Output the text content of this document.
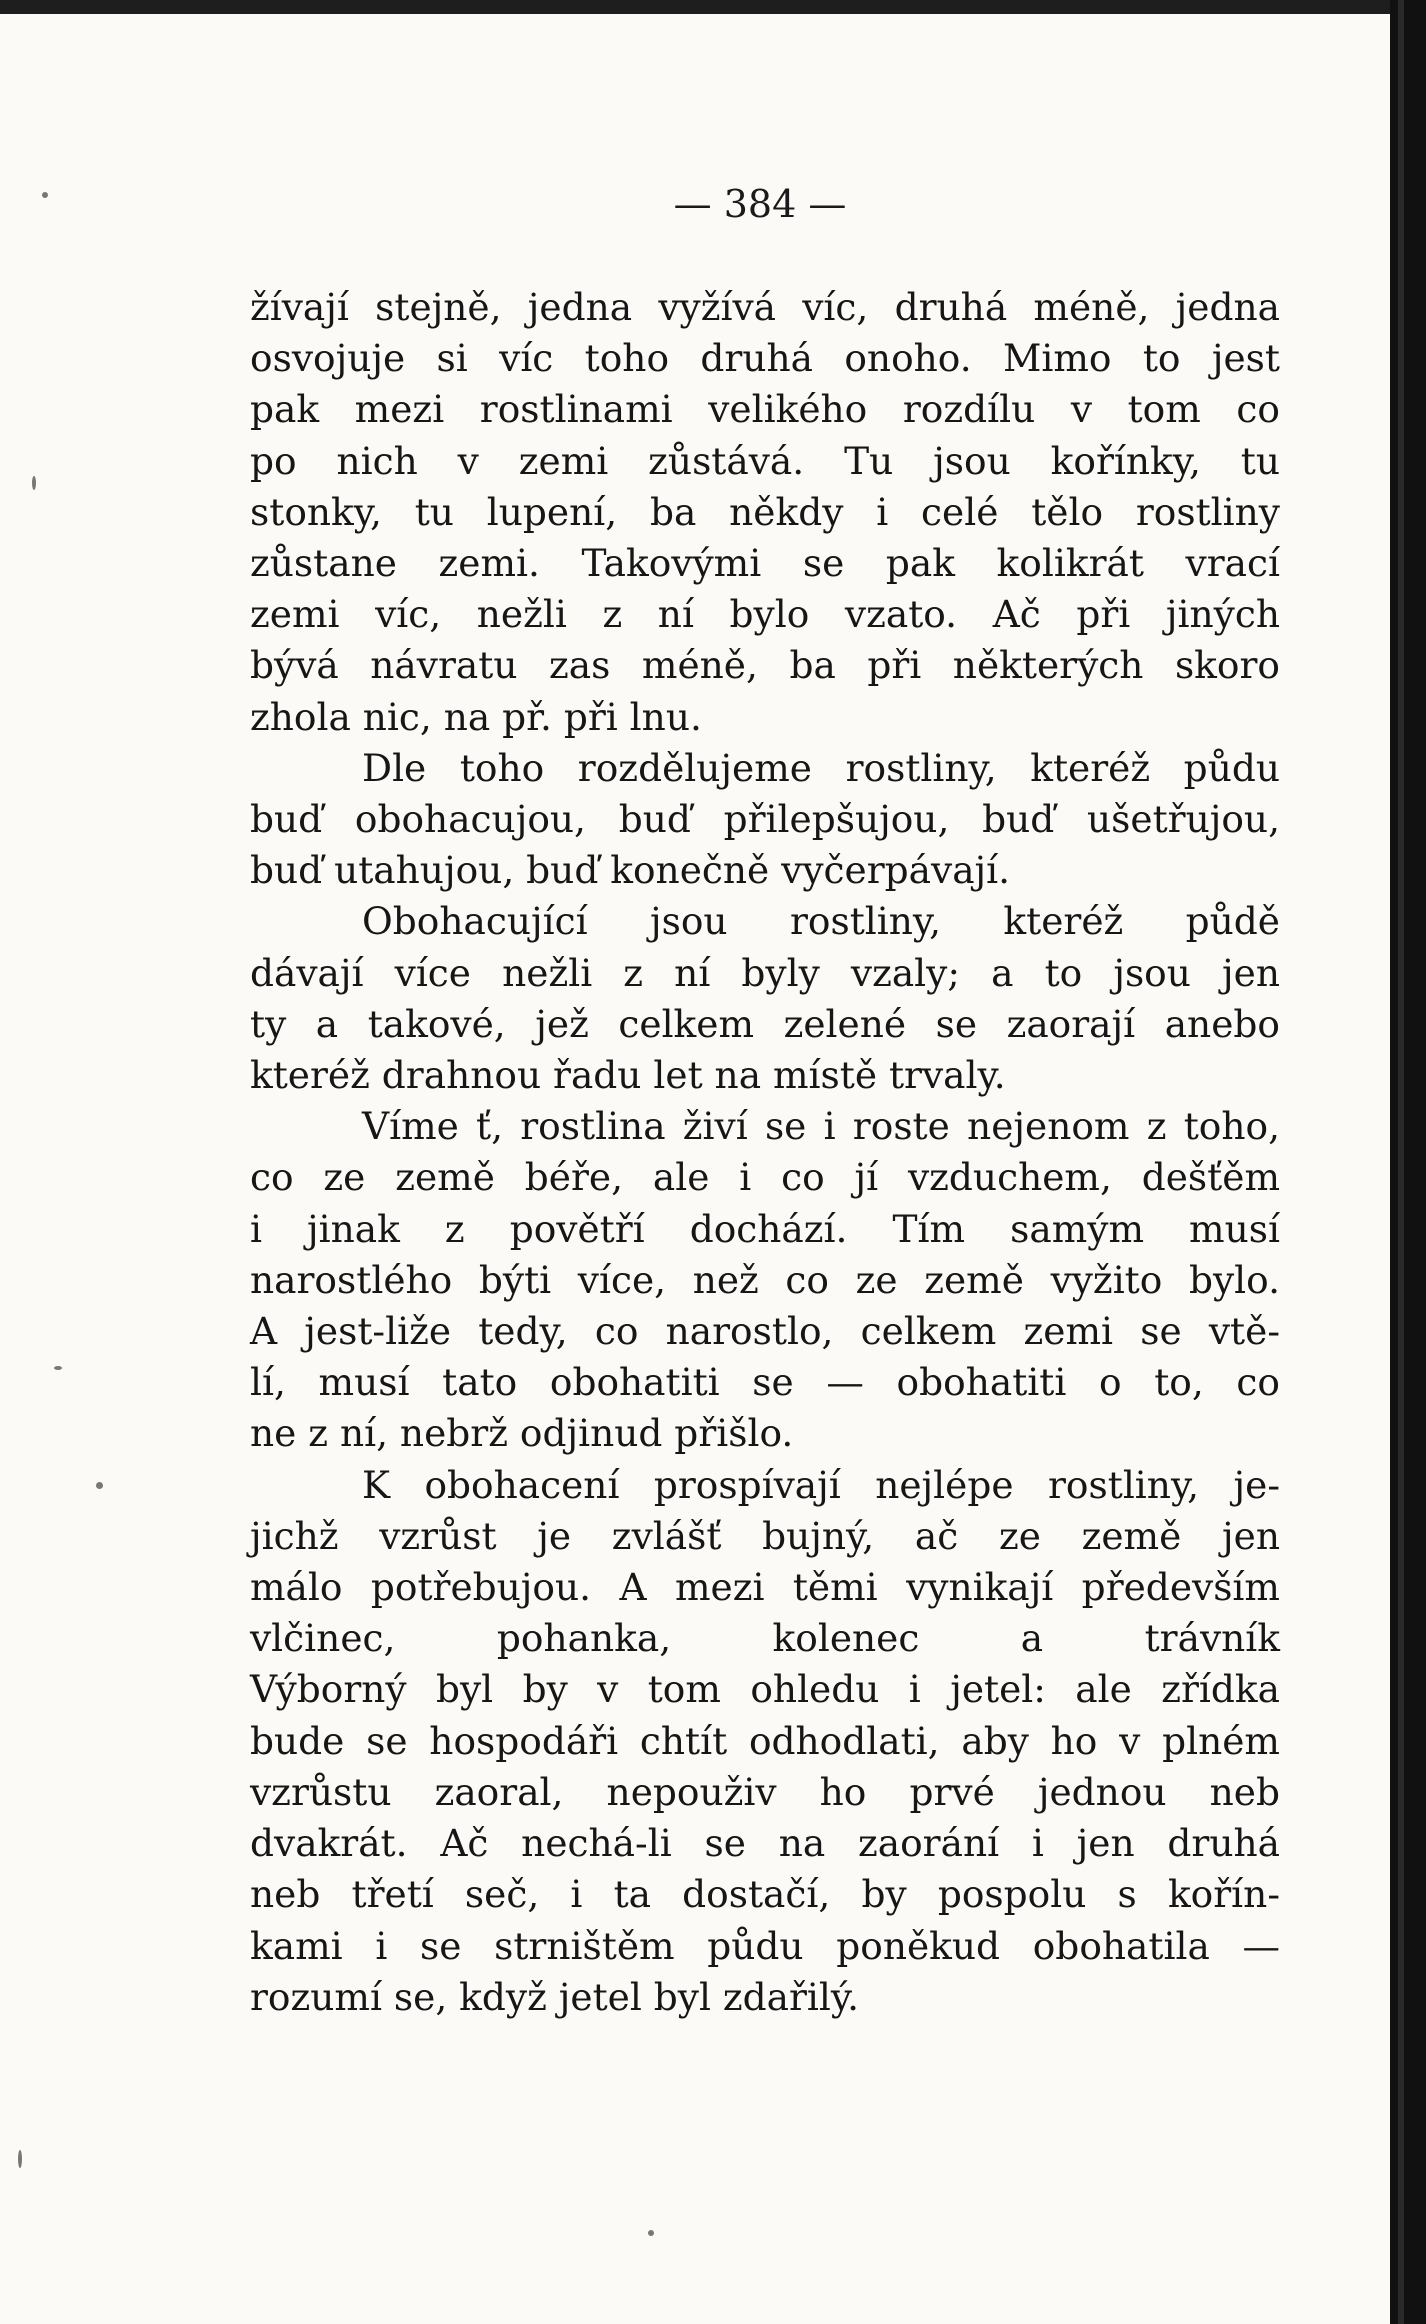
— 384 —
žívají stejně, jedna vyžívá víc, druhá méně, jedna
osvojuje si víc toho druhá onoho. Mimo to jest
pak mezi rostlinami velikého rozdílu v tom co
po nich v zemi zůstává. Tu jsou kořínky, tu
stonky, tu lupení, ba někdy i celé tělo rostliny
zůstane zemi. Takovými se pak kolikrát vrací
zemi víc, nežli z ní bylo vzato. Ač při jiných
bývá návratu zas méně, ba při některých skoro
zhola nic, na př. při lnu.
Dle toho rozdělujeme rostliny, kteréž půdu
buď obohacujou, buď přilepšujou, buď ušetřujou,
buď utahujou, buď konečně vyčerpávají.
Obohacující jsou rostliny, kteréž půdě
dávají více nežli z ní byly vzaly; a to jsou jen
ty a takové, jež celkem zelené se zaorají anebo
kteréž drahnou řadu let na místě trvaly.
Víme ť, rostlina živí se i roste nejenom z toho,
co ze země béře, ale i co jí vzduchem, dešťěm
i jinak z povětří dochází. Tím samým musí
narostlého býti více, než co ze země vyžito bylo.
A jest-liže tedy, co narostlo, celkem zemi se vtě-
lí, musí tato obohatiti se — obohatiti o to, co
ne z ní, nebrž odjinud přišlo.
K obohacení prospívají nejlépe rostliny, je-
jichž vzrůst je zvlášť bujný, ač ze země jen
málo potřebujou. A mezi těmi vynikají především
vlčinec, pohanka, kolenec a trávník
Výborný byl by v tom ohledu i jetel: ale zřídka
bude se hospodáři chtít odhodlati, aby ho v plném
vzrůstu zaoral, nepouživ ho prvé jednou neb
dvakrát. Ač nechá-li se na zaorání i jen druhá
neb třetí seč, i ta dostačí, by pospolu s kořín-
kami i se strništěm půdu poněkud obohatila —
rozumí se, když jetel byl zdařilý.
